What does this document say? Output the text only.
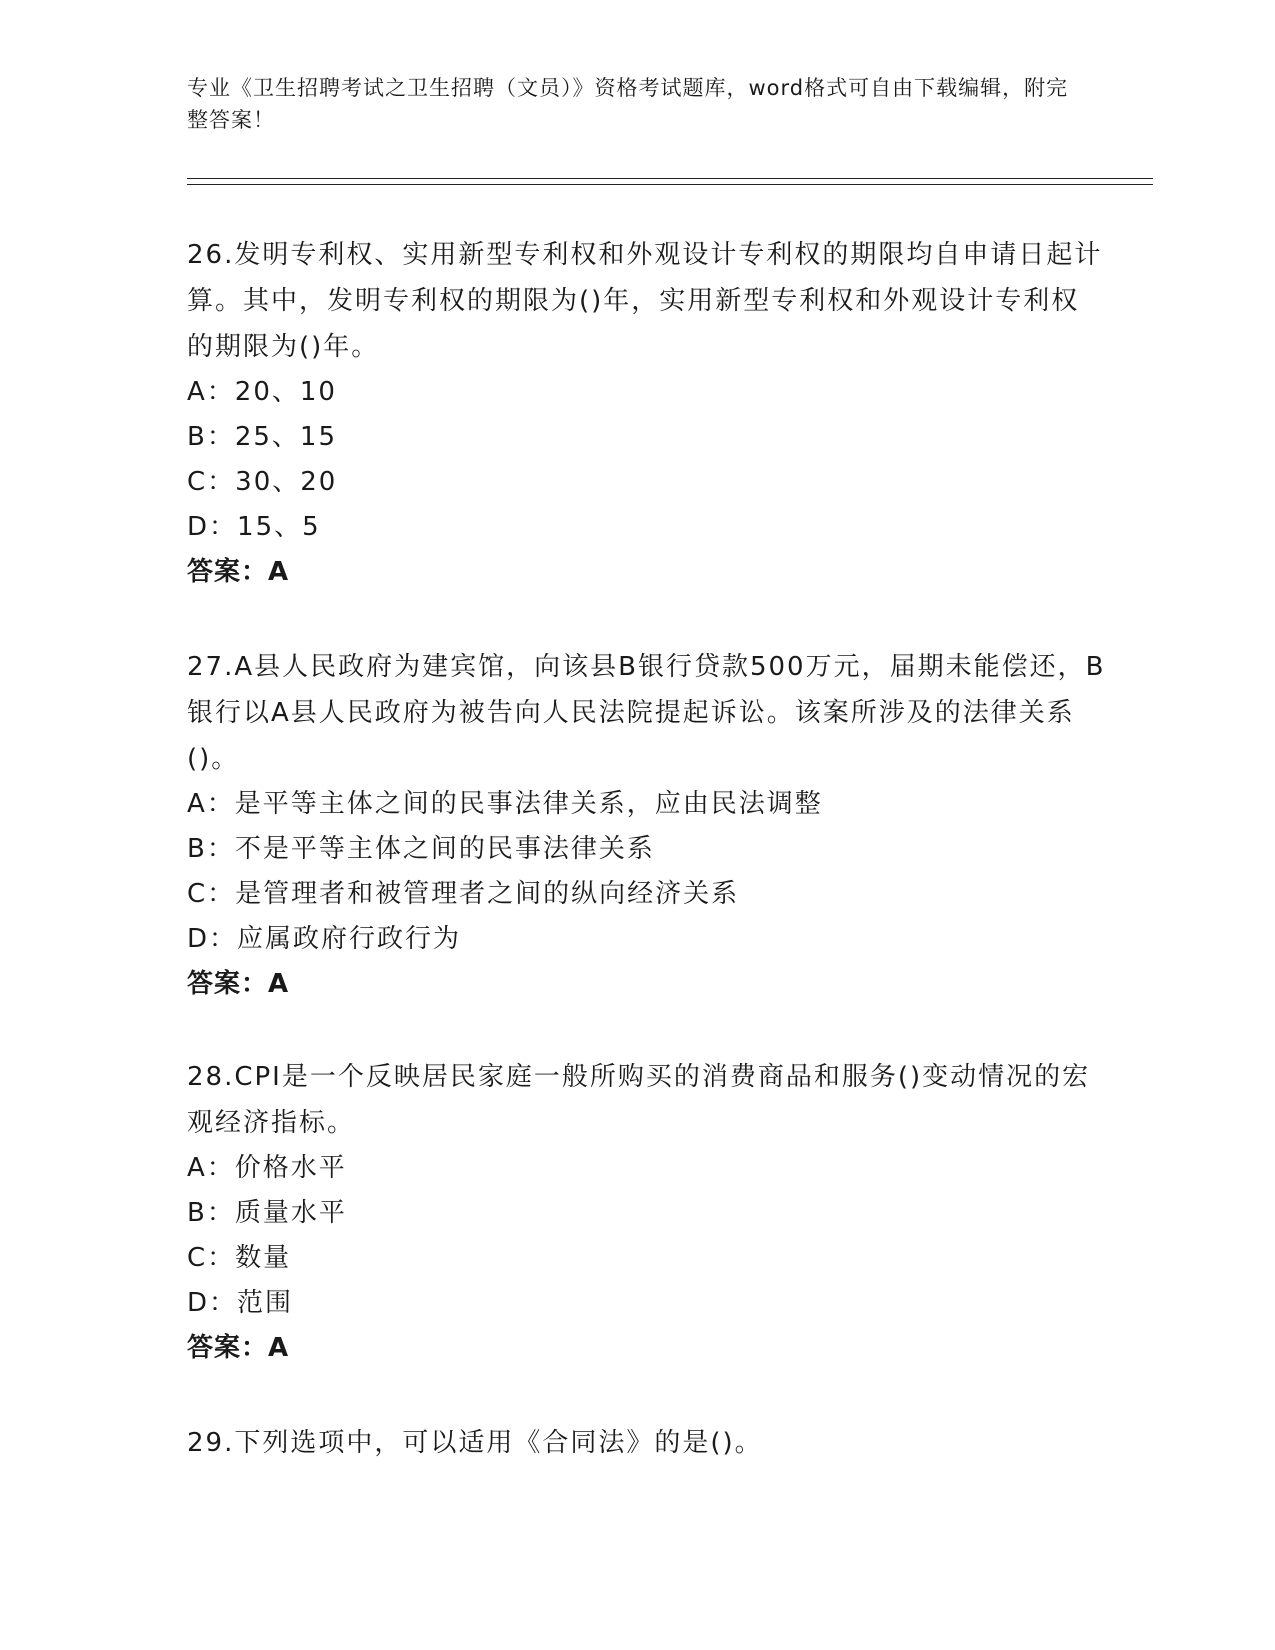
专业《卫生招聘考试之卫生招聘（文员）》资格考试题库，word格式可自由下载编辑，附完整答案！

26.发明专利权、实用新型专利权和外观设计专利权的期限均自申请日起计算。其中，发明专利权的期限为()年，实用新型专利权和外观设计专利权的期限为()年。

A：20、10

B：25、15

C：30、20

D：15、5

答案：A

27.A县人民政府为建宾馆，向该县B银行贷款500万元，届期未能偿还，B银行以A县人民政府为被告向人民法院提起诉讼。该案所涉及的法律关系()。

A：是平等主体之间的民事法律关系，应由民法调整

B：不是平等主体之间的民事法律关系

C：是管理者和被管理者之间的纵向经济关系

D：应属政府行政行为

答案：A

28.CPI是一个反映居民家庭一般所购买的消费商品和服务()变动情况的宏观经济指标。

A：价格水平

B：质量水平

C：数量

D：范围

答案：A

29.下列选项中，可以适用《合同法》的是()。
